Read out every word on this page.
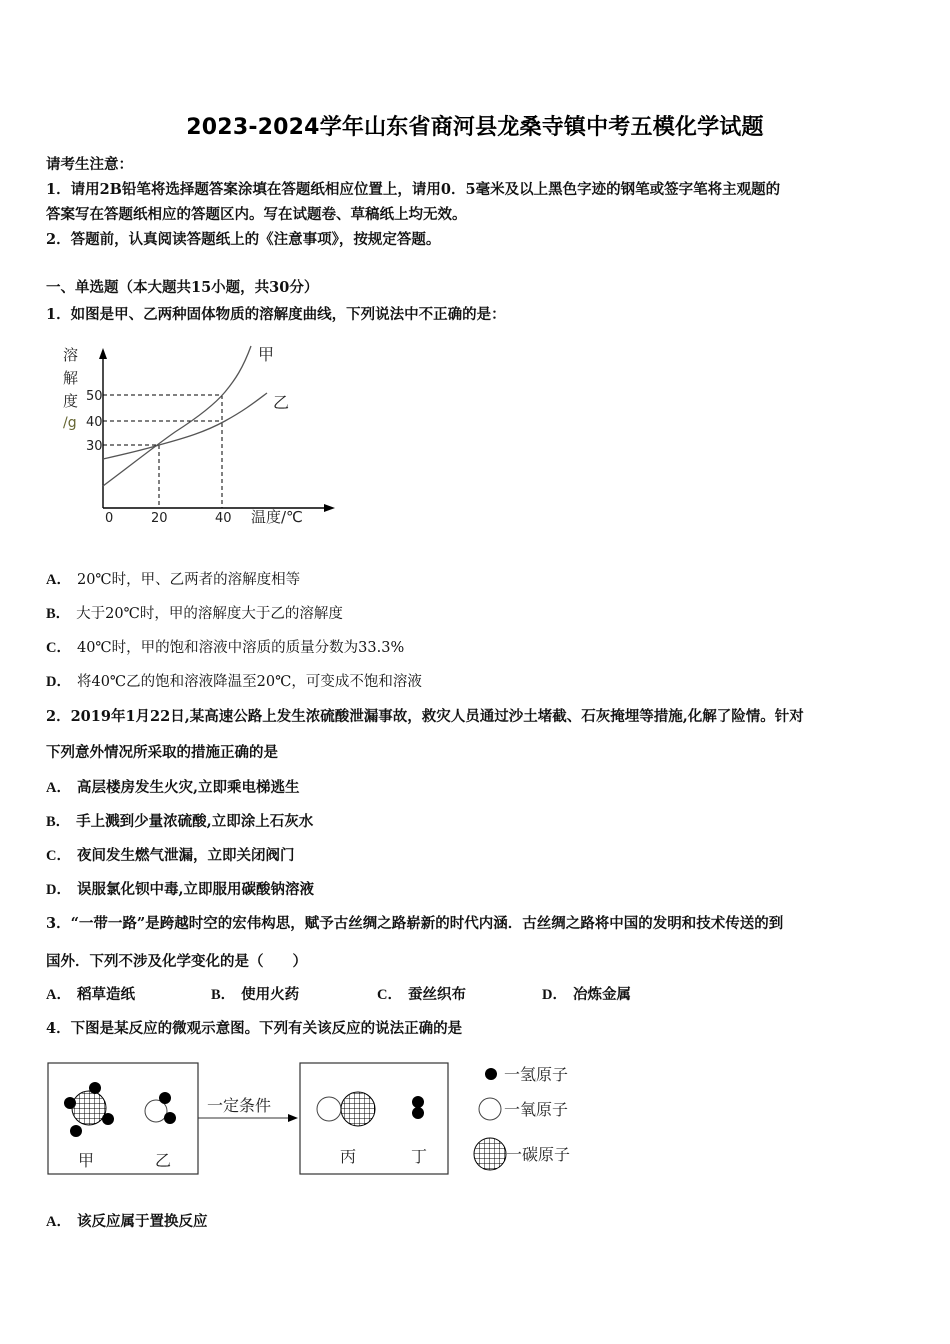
2023-2024学年山东省商河县龙桑寺镇中考五模化学试题
请考生注意：
1．请用2B铅笔将选择题答案涂填在答题纸相应位置上，请用0．5毫米及以上黑色字迹的钢笔或签字笔将主观题的
答案写在答题纸相应的答题区内。写在试题卷、草稿纸上均无效。
2．答题前，认真阅读答题纸上的《注意事项》，按规定答题。
一、单选题（本大题共15小题，共30分）
1．如图是甲、乙两种固体物质的溶解度曲线，下列说法中不正确的是：
溶
解
度
/g
50
40
30
0	20	40 温度/℃
甲
乙
A． 20℃时，甲、乙两者的溶解度相等
B． 大于20℃时，甲的溶解度大于乙的溶解度
C． 40℃时，甲的饱和溶液中溶质的质量分数为33.3%
D． 将40℃乙的饱和溶液降温至20℃，可变成不饱和溶液
2．2019年1月22日,某高速公路上发生浓硫酸泄漏事故，救灾人员通过沙土堵截、石灰掩埋等措施,化解了险情。针对
下列意外情况所采取的措施正确的是
A． 高层楼房发生火灾,立即乘电梯逃生
B． 手上溅到少量浓硫酸,立即涂上石灰水
C． 夜间发生燃气泄漏，立即关闭阀门
D． 误服氯化钡中毒,立即服用碳酸钠溶液
3．“一带一路”是跨越时空的宏伟构思，赋予古丝绸之路崭新的时代内涵．古丝绸之路将中国的发明和技术传送的到
国外．下列不涉及化学变化的是（　　）
A． 稻草造纸	B． 使用火药	C． 蚕丝织布	D． 冶炼金属
4．下图是某反应的微观示意图。下列有关该反应的说法正确的是
甲	乙
一定条件
丙	丁
一氢原子
一氧原子
一碳原子
A． 该反应属于置换反应
